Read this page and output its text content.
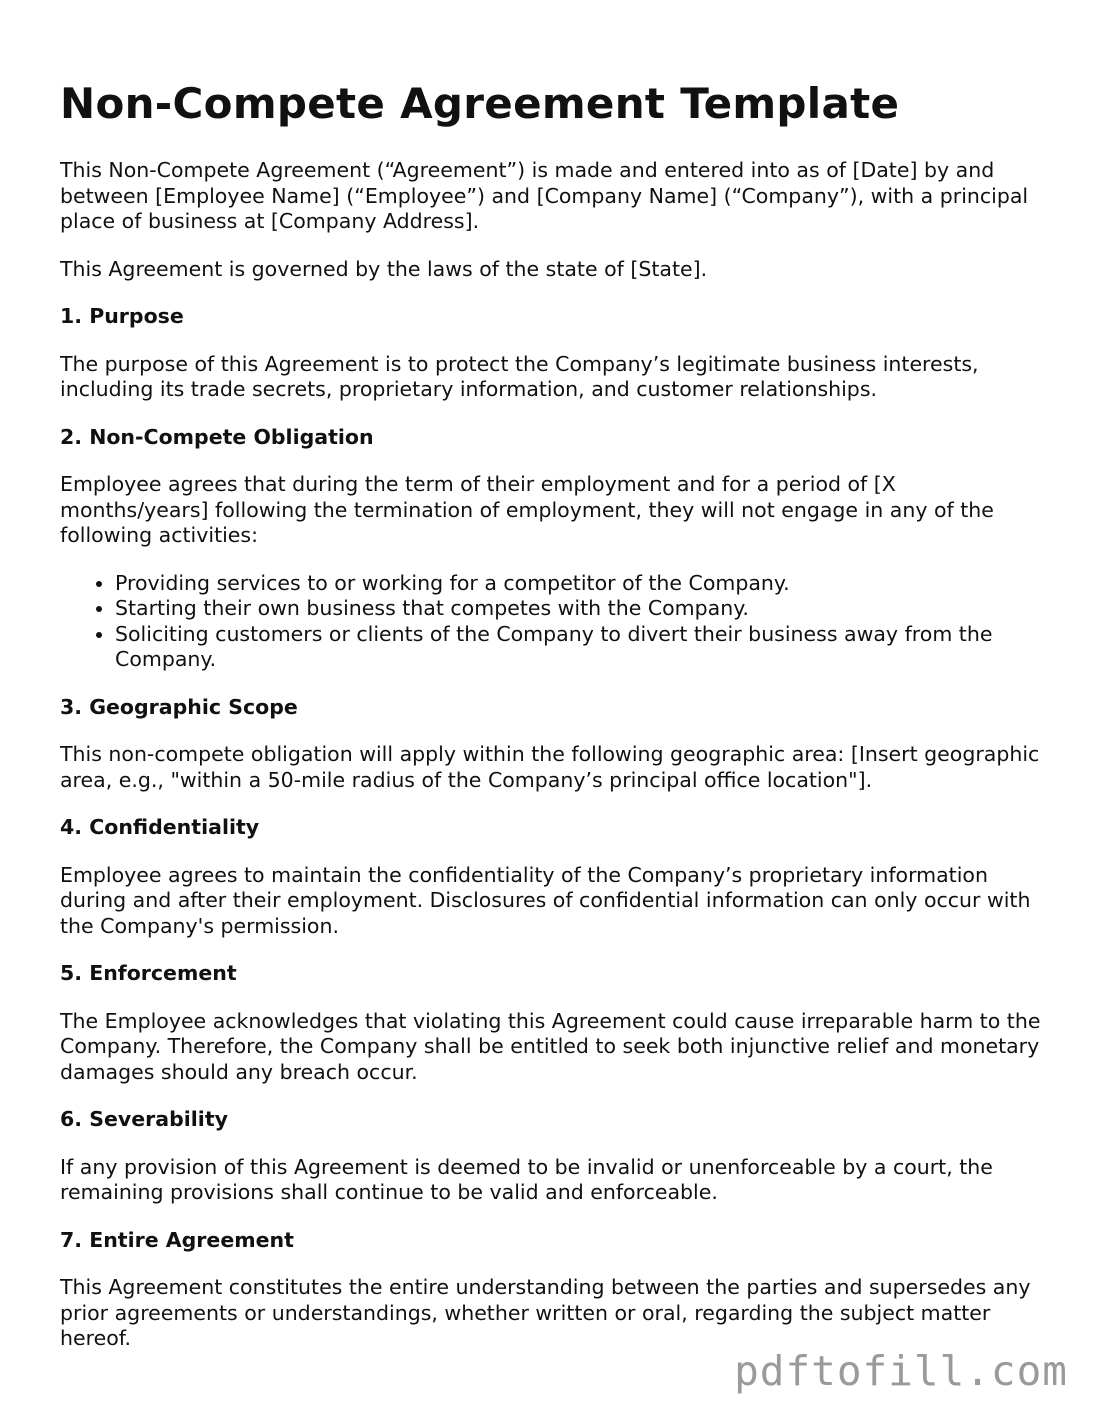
Non-Compete Agreement Template

This Non-Compete Agreement (“Agreement”) is made and entered into as of [Date] by and between [Employee Name] (“Employee”) and [Company Name] (“Company”), with a principal place of business at [Company Address].

This Agreement is governed by the laws of the state of [State].

1. Purpose

The purpose of this Agreement is to protect the Company’s legitimate business interests, including its trade secrets, proprietary information, and customer relationships.

2. Non-Compete Obligation

Employee agrees that during the term of their employment and for a period of [X months/years] following the termination of employment, they will not engage in any of the following activities:

• Providing services to or working for a competitor of the Company.
• Starting their own business that competes with the Company.
• Soliciting customers or clients of the Company to divert their business away from the Company.
3. Geographic Scope

This non-compete obligation will apply within the following geographic area: [Insert geographic area, e.g., "within a 50-mile radius of the Company’s principal office location"].

4. Confidentiality

Employee agrees to maintain the confidentiality of the Company’s proprietary information during and after their employment. Disclosures of confidential information can only occur with the Company's permission.

5. Enforcement

The Employee acknowledges that violating this Agreement could cause irreparable harm to the Company. Therefore, the Company shall be entitled to seek both injunctive relief and monetary damages should any breach occur.

6. Severability

If any provision of this Agreement is deemed to be invalid or unenforceable by a court, the remaining provisions shall continue to be valid and enforceable.

7. Entire Agreement

This Agreement constitutes the entire understanding between the parties and supersedes any prior agreements or understandings, whether written or oral, regarding the subject matter hereof.

pdftofill.com
